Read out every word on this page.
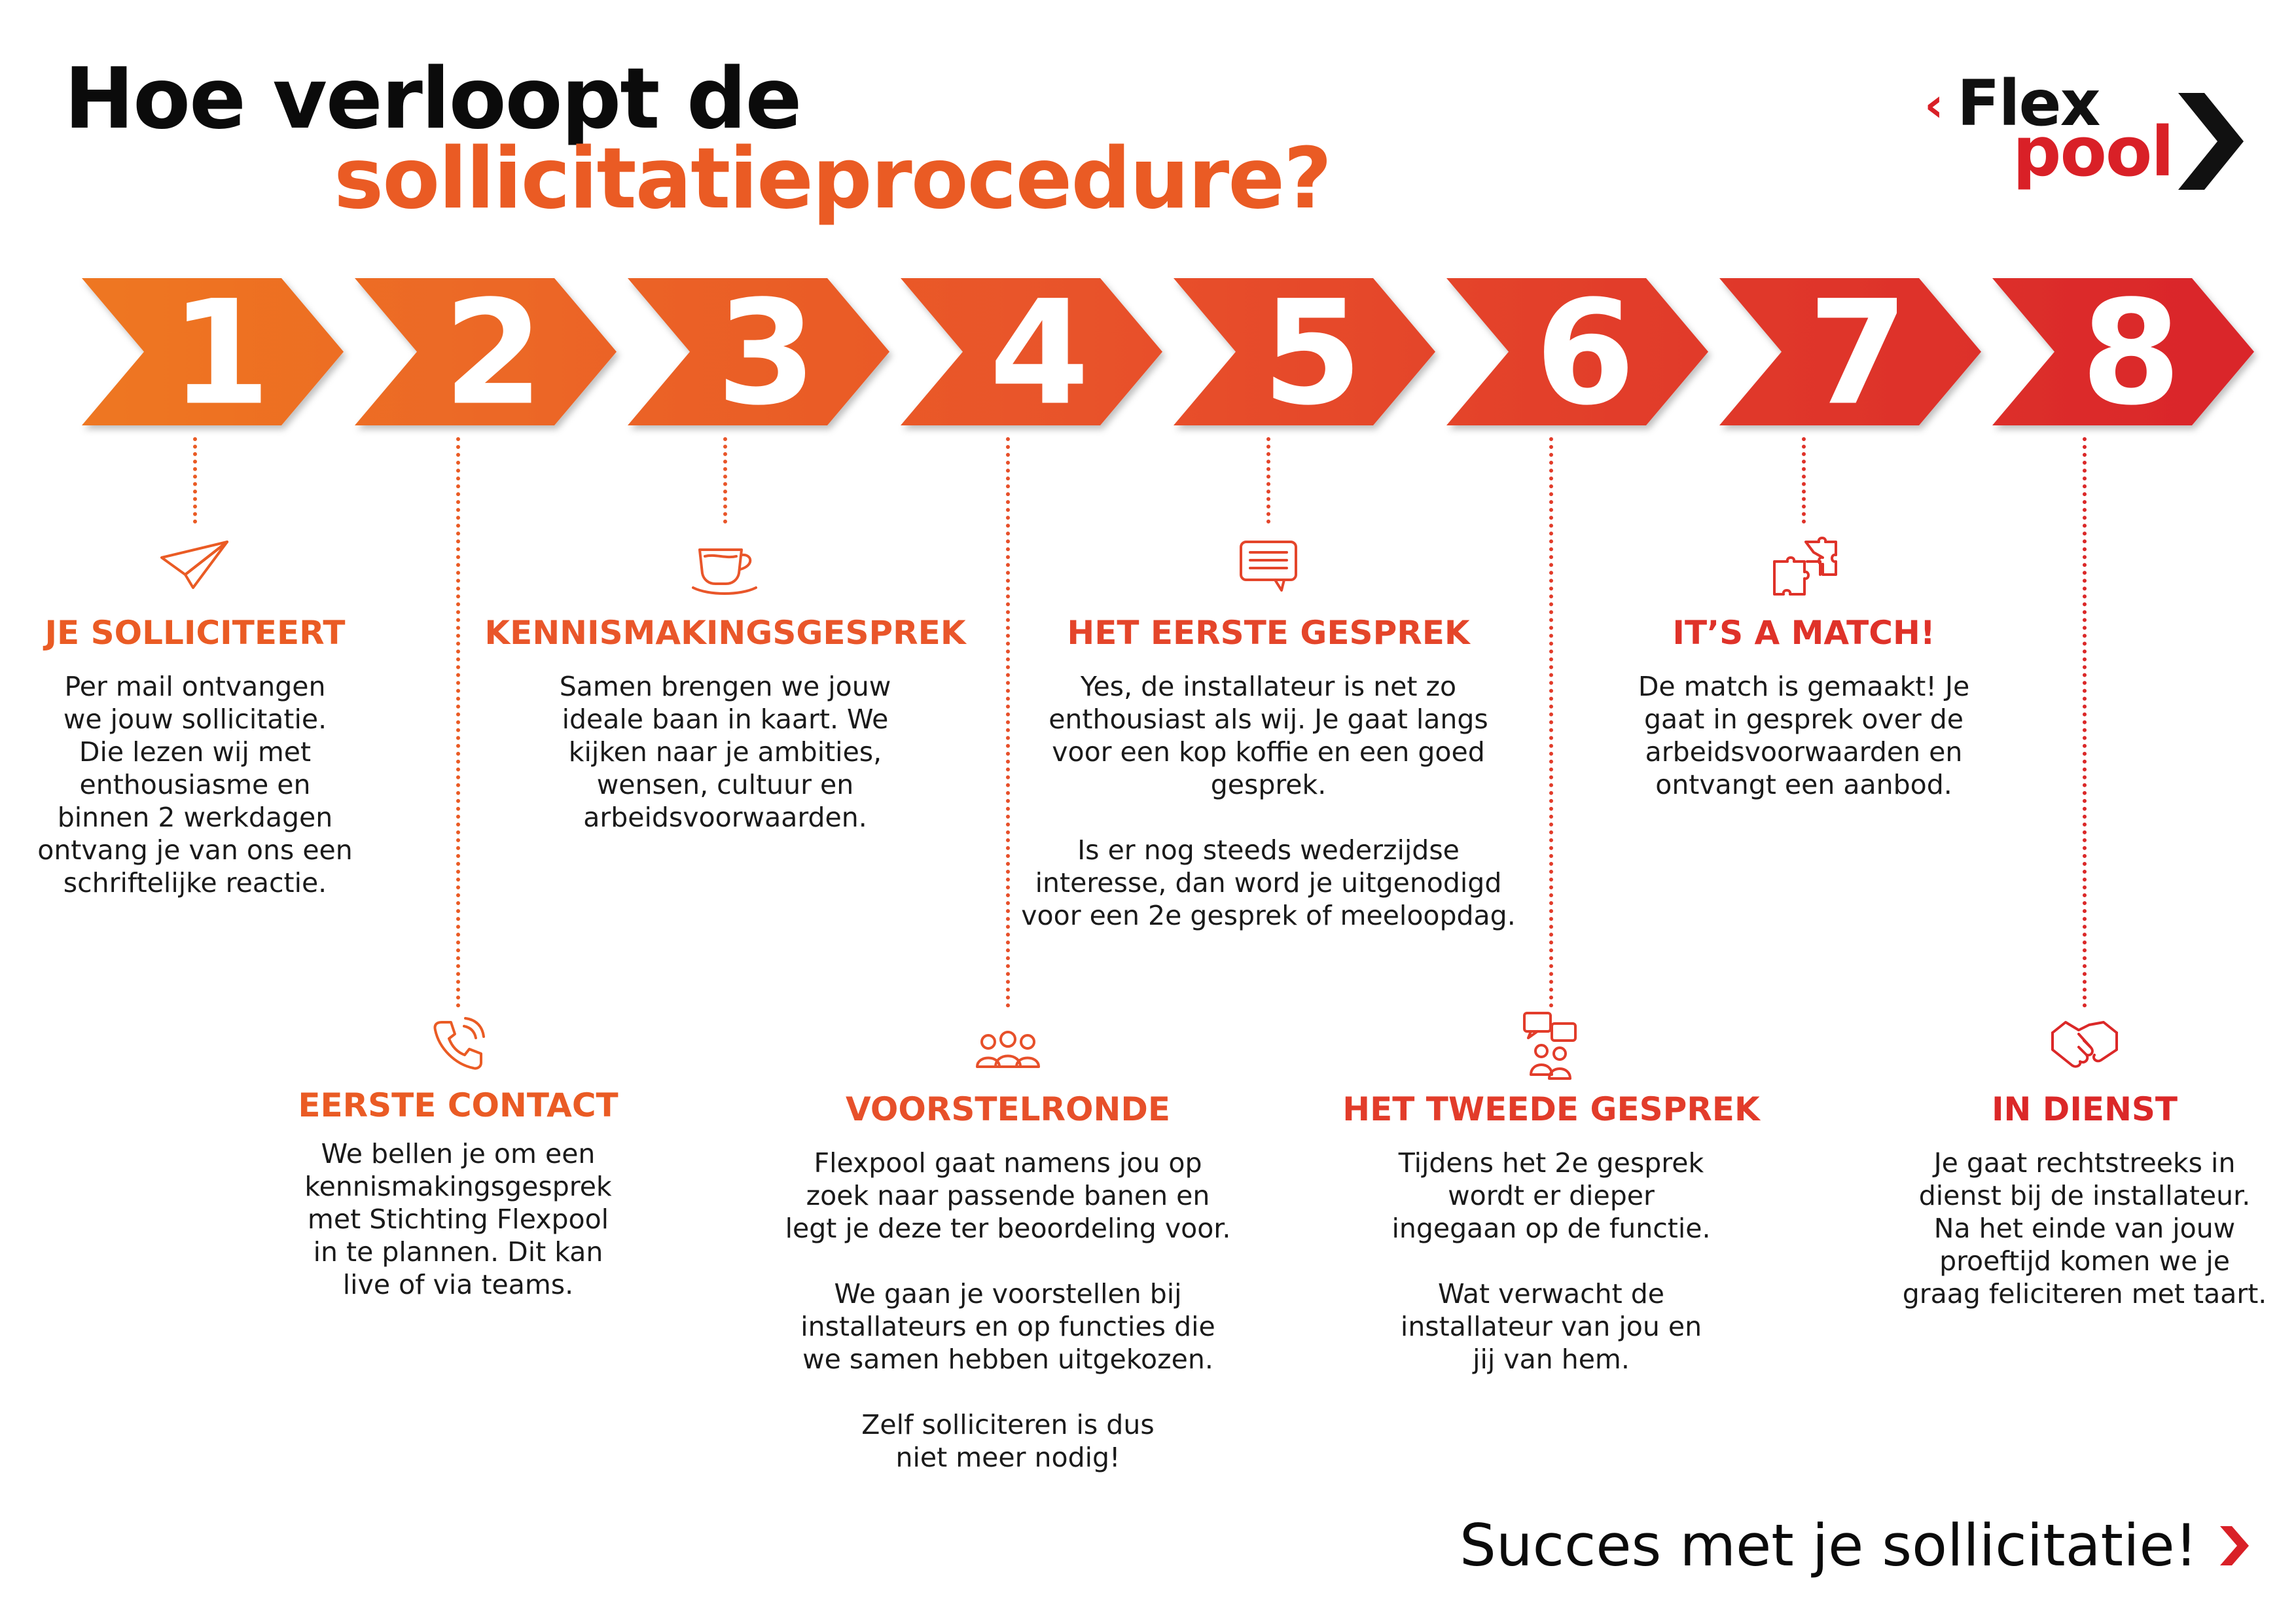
Hoe verloopt de
sollicitatieprocedure?
‹ Flex
pool
1 2 3 4 5 6 7 8
JE SOLLICITEERT
Per mail ontvangen
we jouw sollicitatie.
Die lezen wij met
enthousiasme en
binnen 2 werkdagen
ontvang je van ons een
schriftelijke reactie.
EERSTE CONTACT
We bellen je om een
kennismakingsgesprek
met Stichting Flexpool
in te plannen. Dit kan
live of via teams.
KENNISMAKINGSGESPREK
Samen brengen we jouw
ideale baan in kaart. We
kijken naar je ambities,
wensen, cultuur en
arbeidsvoorwaarden.
VOORSTELRONDE
Flexpool gaat namens jou op
zoek naar passende banen en
legt je deze ter beoordeling voor.
We gaan je voorstellen bij
installateurs en op functies die
we samen hebben uitgekozen.
Zelf solliciteren is dus
niet meer nodig!
HET EERSTE GESPREK
Yes, de installateur is net zo
enthousiast als wij. Je gaat langs
voor een kop koffie en een goed
gesprek.
Is er nog steeds wederzijdse
interesse, dan word je uitgenodigd
voor een 2e gesprek of meeloopdag.
HET TWEEDE GESPREK
Tijdens het 2e gesprek
wordt er dieper
ingegaan op de functie.
Wat verwacht de
installateur van jou en
jij van hem.
IT’S A MATCH!
De match is gemaakt! Je
gaat in gesprek over de
arbeidsvoorwaarden en
ontvangt een aanbod.
IN DIENST
Je gaat rechtstreeks in
dienst bij de installateur.
Na het einde van jouw
proeftijd komen we je
graag feliciteren met taart.
Succes met je sollicitatie!
